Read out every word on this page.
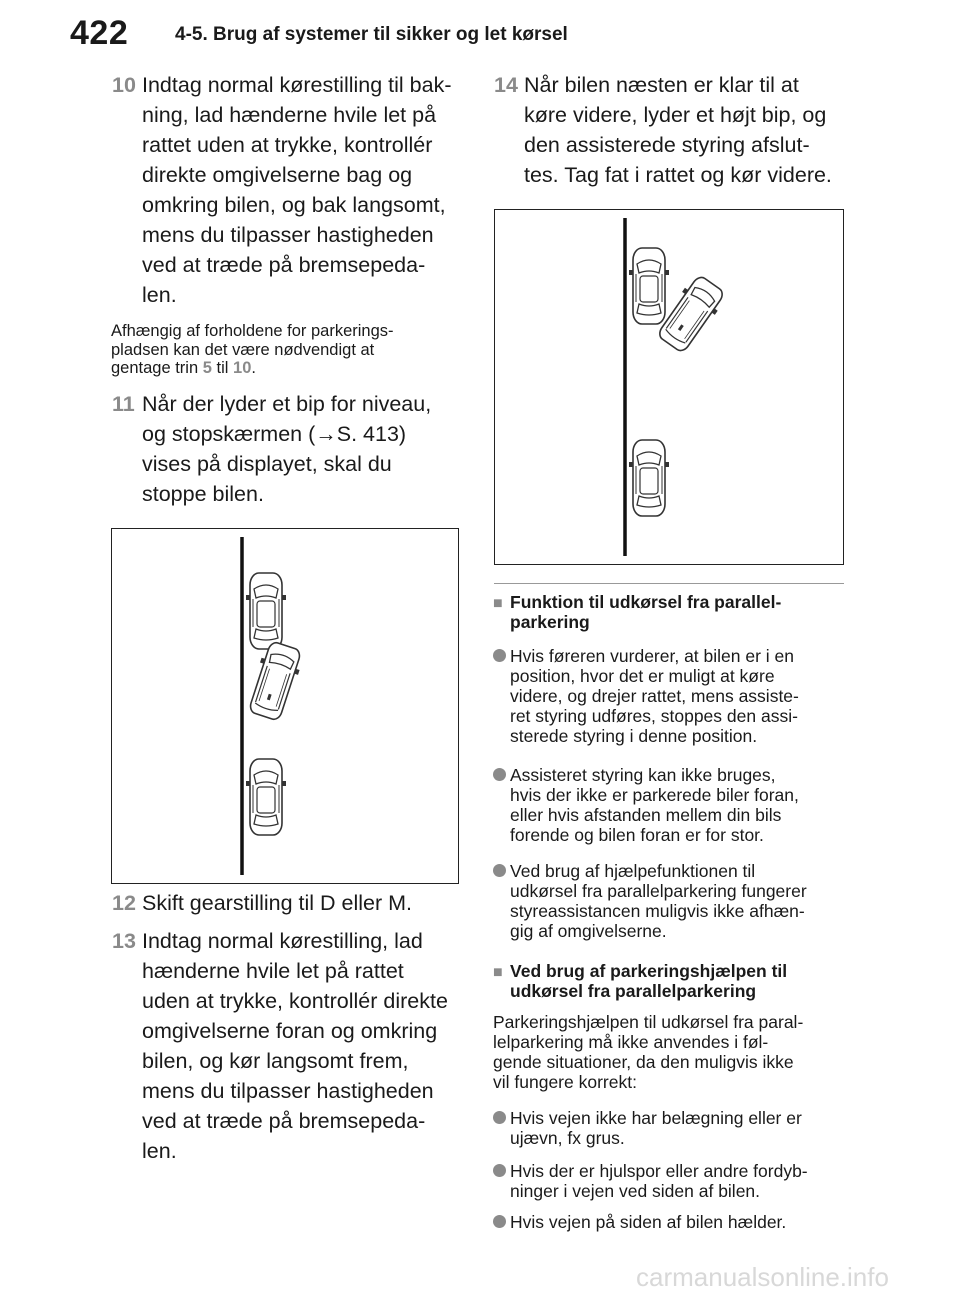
422 4-5. Brug af systemer til sikker og let kørsel
10 Indtag normal kørestilling til bak-
ning, lad hænderne hvile let på
rattet uden at trykke, kontrollér
direkte omgivelserne bag og
omkring bilen, og bak langsomt,
mens du tilpasser hastigheden
ved at træde på bremsepeda-
len.
Afhængig af forholdene for parkerings-
pladsen kan det være nødvendigt at
gentage trin 5 til 10.
11 Når der lyder et bip for niveau,
og stopskærmen (→S. 413)
vises på displayet, skal du
stoppe bilen.
12 Skift gearstilling til D eller M.
13 Indtag normal kørestilling, lad
hænderne hvile let på rattet
uden at trykke, kontrollér direkte
omgivelserne foran og omkring
bilen, og kør langsomt frem,
mens du tilpasser hastigheden
ved at træde på bremsepeda-
len.
14 Når bilen næsten er klar til at
køre videre, lyder et højt bip, og
den assisterede styring afslut-
tes. Tag fat i rattet og kør videre.
■ Funktion til udkørsel fra parallel-
parkering
Hvis føreren vurderer, at bilen er i en
position, hvor det er muligt at køre
videre, og drejer rattet, mens assiste-
ret styring udføres, stoppes den assi-
sterede styring i denne position.
Assisteret styring kan ikke bruges,
hvis der ikke er parkerede biler foran,
eller hvis afstanden mellem din bils
forende og bilen foran er for stor.
Ved brug af hjælpefunktionen til
udkørsel fra parallelparkering fungerer
styreassistancen muligvis ikke afhæn-
gig af omgivelserne.
■ Ved brug af parkeringshjælpen til
udkørsel fra parallelparkering
Parkeringshjælpen til udkørsel fra paral-
lelparkering må ikke anvendes i føl-
gende situationer, da den muligvis ikke
vil fungere korrekt:
Hvis vejen ikke har belægning eller er
ujævn, fx grus.
Hvis der er hjulspor eller andre fordyb-
ninger i vejen ved siden af bilen.
Hvis vejen på siden af bilen hælder.
carmanualsonline.info
